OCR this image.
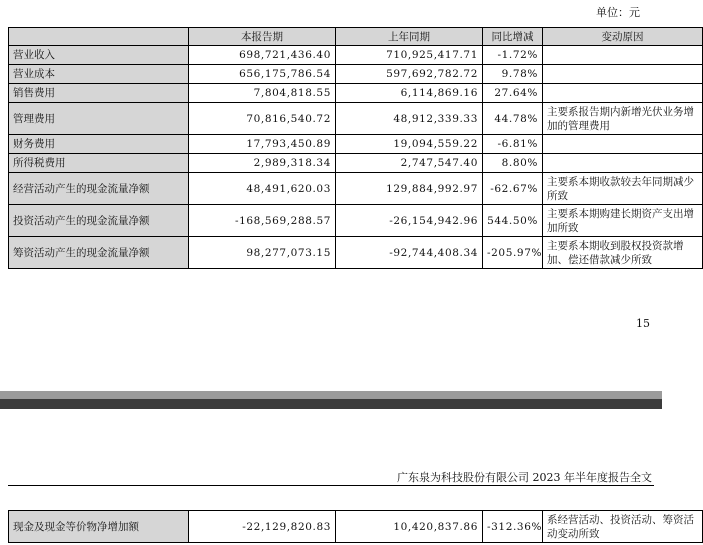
单位：元
	本报告期	上年同期	同比增减	变动原因
营业收入	698,721,436.40	710,925,417.71	-1.72%	
营业成本	656,175,786.54	597,692,782.72	9.78%	
销售费用	7,804,818.55	6,114,869.16	27.64%	
管理费用	70,816,540.72	48,912,339.33	44.78%	主要系报告期内新增光伏业务增加的管理费用
财务费用	17,793,450.89	19,094,559.22	-6.81%	
所得税费用	2,989,318.34	2,747,547.40	8.80%	
经营活动产生的现金流量净额	48,491,620.03	129,884,992.97	-62.67%	主要系本期收款较去年同期减少所致
投资活动产生的现金流量净额	-168,569,288.57	-26,154,942.96	544.50%	主要系本期购建长期资产支出增加所致
筹资活动产生的现金流量净额	98,277,073.15	-92,744,408.34	-205.97%	主要系本期收到股权投资款增加、偿还借款减少所致
15
广东泉为科技股份有限公司 2023 年半年度报告全文
现金及现金等价物净增加额	-22,129,820.83	10,420,837.86	-312.36%	系经营活动、投资活动、筹资活动变动所致
